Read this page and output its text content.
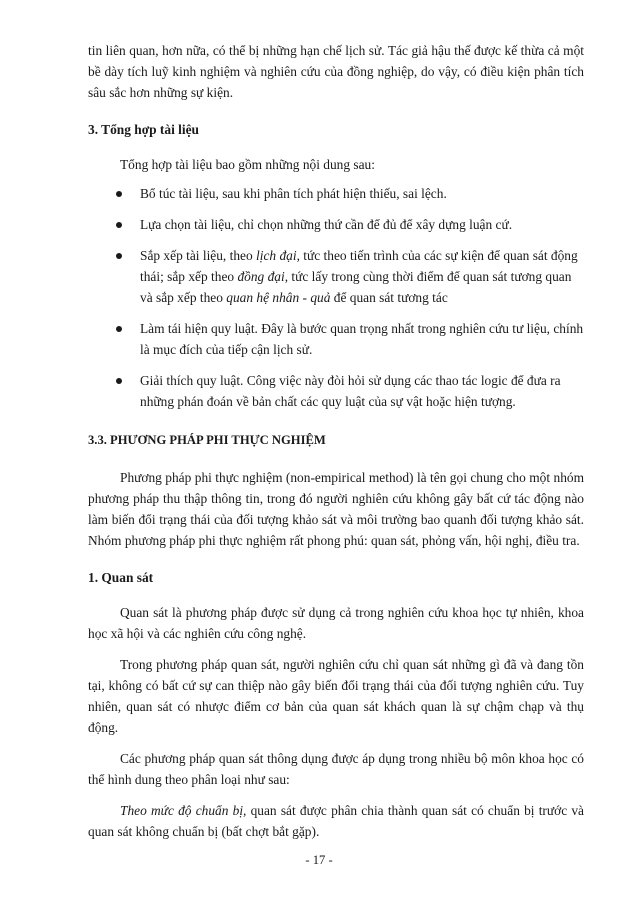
tin liên quan, hơn nữa, có thể bị những hạn chế lịch sử. Tác giả hậu thế được kế thừa cả một bề dày tích luỹ kinh nghiệm và nghiên cứu của đồng nghiệp, do vậy, có điều kiện phân tích sâu sắc hơn những sự kiện.

3. Tổng hợp tài liệu

Tổng hợp tài liệu bao gồm những nội dung sau:

Bổ túc tài liệu, sau khi phân tích phát hiện thiếu, sai lệch.
Lựa chọn tài liệu, chỉ chọn những thứ cần để đủ để xây dựng luận cứ.
Sắp xếp tài liệu, theo lịch đại, tức theo tiến trình của các sự kiện để quan sát động thái; sắp xếp theo đồng đại, tức lấy trong cùng thời điểm để quan sát tương quan và sắp xếp theo quan hệ nhân - quả để quan sát tương tác
Làm tái hiện quy luật. Đây là bước quan trọng nhất trong nghiên cứu tư liệu, chính là mục đích của tiếp cận lịch sử.
Giải thích quy luật. Công việc này đòi hỏi sử dụng các thao tác logic để đưa ra những phán đoán về bản chất các quy luật của sự vật hoặc hiện tượng.

3.3. PHƯƠNG PHÁP PHI THỰC NGHIỆM

Phương pháp phi thực nghiệm (non-empirical method) là tên gọi chung cho một nhóm phương pháp thu thập thông tin, trong đó người nghiên cứu không gây bất cứ tác động nào làm biến đổi trạng thái của đối tượng khảo sát và môi trường bao quanh đối tượng khảo sát. Nhóm phương pháp phi thực nghiệm rất phong phú: quan sát, phỏng vấn, hội nghị, điều tra.

1. Quan sát

Quan sát là phương pháp được sử dụng cả trong nghiên cứu khoa học tự nhiên, khoa học xã hội và các nghiên cứu công nghệ.

Trong phương pháp quan sát, người nghiên cứu chỉ quan sát những gì đã và đang tồn tại, không có bất cứ sự can thiệp nào gây biến đổi trạng thái của đối tượng nghiên cứu. Tuy nhiên, quan sát có nhược điểm cơ bản của quan sát khách quan là sự chậm chạp và thụ động.

Các phương pháp quan sát thông dụng được áp dụng trong nhiều bộ môn khoa học có thể hình dung theo phân loại như sau:

Theo mức độ chuẩn bị, quan sát được phân chia thành quan sát có chuẩn bị trước và quan sát không chuẩn bị (bất chợt bắt gặp).

- 17 -
